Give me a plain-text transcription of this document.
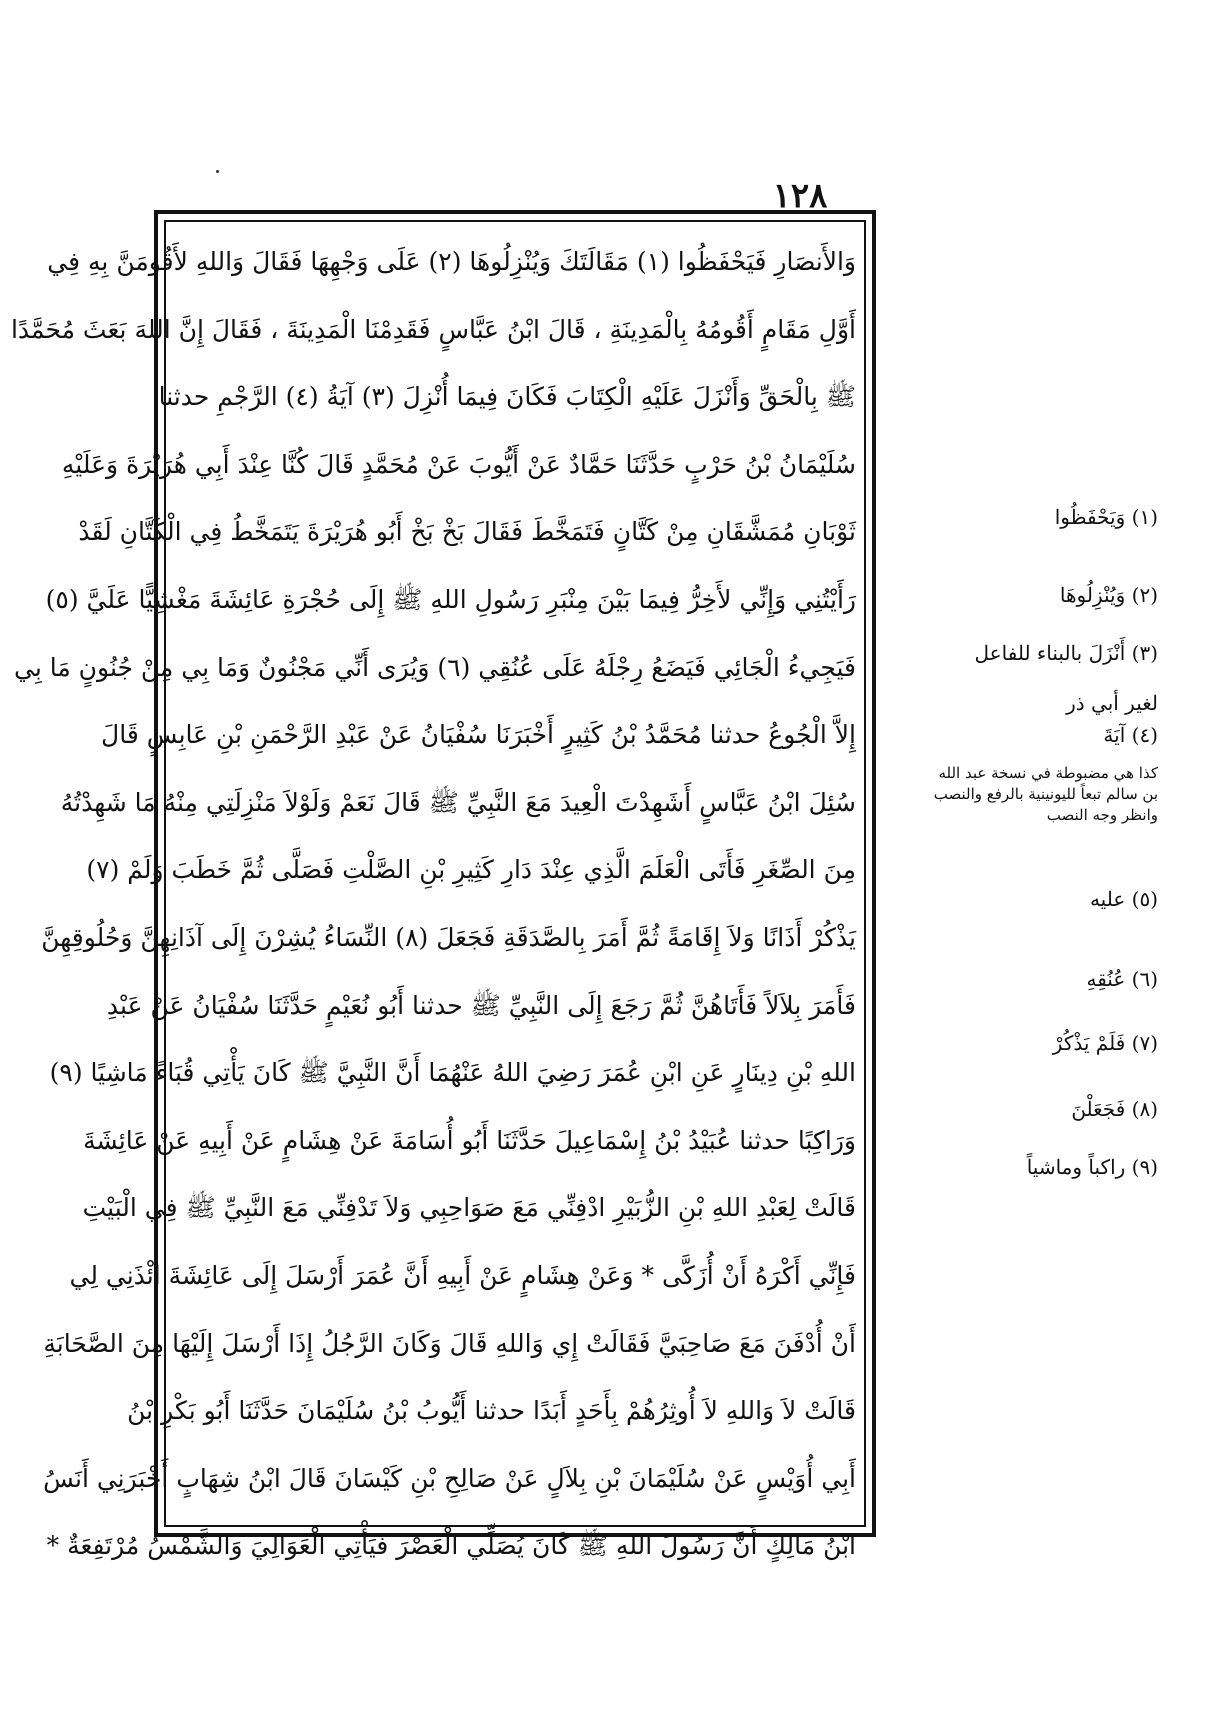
١٢٨
وَالأَنصَارِ فَيَحْفَظُوا (١) مَقَالَتَكَ وَيُنْزِلُوهَا (٢) عَلَى وَجْهِهَا فَقَالَ وَاللهِ لأَقُومَنَّ بِهِ فِي
أَوَّلِ مَقَامٍ أَقُومُهُ بِالْمَدِينَةِ ، قَالَ ابْنُ عَبَّاسٍ فَقَدِمْنَا الْمَدِينَةَ ، فَقَالَ إِنَّ اللهَ بَعَثَ مُحَمَّدًا
ﷺ بِالْحَقِّ وَأَنْزَلَ عَلَيْهِ الْكِتَابَ فَكَانَ فِيمَا أُنْزِلَ (٣) آيَةُ (٤) الرَّجْمِ حدثنا
سُلَيْمَانُ بْنُ حَرْبٍ حَدَّثَنَا حَمَّادٌ عَنْ أَيُّوبَ عَنْ مُحَمَّدٍ قَالَ كُنَّا عِنْدَ أَبِي هُرَيْرَةَ وَعَلَيْهِ
ثَوْبَانِ مُمَشَّقَانِ مِنْ كَتَّانٍ فَتَمَخَّطَ فَقَالَ بَخْ بَخْ أَبُو هُرَيْرَةَ يَتَمَخَّطُ فِي الْكَتَّانِ لَقَدْ
رَأَيْتُنِي وَإِنِّي لأَخِرُّ فِيمَا بَيْنَ مِنْبَرِ رَسُولِ اللهِ ﷺ إِلَى حُجْرَةِ عَائِشَةَ مَغْشِيًّا عَلَيَّ (٥)
فَيَجِيءُ الْجَائِي فَيَضَعُ رِجْلَهُ عَلَى عُنُقِي (٦) وَيُرَى أَنِّي مَجْنُونٌ وَمَا بِي مِنْ جُنُونٍ مَا بِي
إِلاَّ الْجُوعُ حدثنا مُحَمَّدُ بْنُ كَثِيرٍ أَخْبَرَنَا سُفْيَانُ عَنْ عَبْدِ الرَّحْمَنِ بْنِ عَابِسٍ قَالَ
سُئِلَ ابْنُ عَبَّاسٍ أَشَهِدْتَ الْعِيدَ مَعَ النَّبِيِّ ﷺ قَالَ نَعَمْ وَلَوْلاَ مَنْزِلَتِي مِنْهُ مَا شَهِدْتُهُ
مِنَ الصِّغَرِ فَأَتَى الْعَلَمَ الَّذِي عِنْدَ دَارِ كَثِيرِ بْنِ الصَّلْتِ فَصَلَّى ثُمَّ خَطَبَ وَلَمْ (٧)
يَذْكُرْ أَذَانًا وَلاَ إِقَامَةً ثُمَّ أَمَرَ بِالصَّدَقَةِ فَجَعَلَ (٨) النِّسَاءُ يُشِرْنَ إِلَى آذَانِهِنَّ وَحُلُوقِهِنَّ
فَأَمَرَ بِلاَلاً فَأَتَاهُنَّ ثُمَّ رَجَعَ إِلَى النَّبِيِّ ﷺ حدثنا أَبُو نُعَيْمٍ حَدَّثَنَا سُفْيَانُ عَنْ عَبْدِ
اللهِ بْنِ دِينَارٍ عَنِ ابْنِ عُمَرَ رَضِيَ اللهُ عَنْهُمَا أَنَّ النَّبِيَّ ﷺ كَانَ يَأْتِي قُبَاءً مَاشِيًا (٩)
وَرَاكِبًا حدثنا عُبَيْدُ بْنُ إِسْمَاعِيلَ حَدَّثَنَا أَبُو أُسَامَةَ عَنْ هِشَامٍ عَنْ أَبِيهِ عَنْ عَائِشَةَ
قَالَتْ لِعَبْدِ اللهِ بْنِ الزُّبَيْرِ ادْفِنِّي مَعَ صَوَاحِبِي وَلاَ تَدْفِنِّي مَعَ النَّبِيِّ ﷺ فِي الْبَيْتِ
فَإِنِّي أَكْرَهُ أَنْ أُزَكَّى * وَعَنْ هِشَامٍ عَنْ أَبِيهِ أَنَّ عُمَرَ أَرْسَلَ إِلَى عَائِشَةَ ائْذَنِي لِي
أَنْ أُدْفَنَ مَعَ صَاحِبَيَّ فَقَالَتْ إِي وَاللهِ قَالَ وَكَانَ الرَّجُلُ إِذَا أَرْسَلَ إِلَيْهَا مِنَ الصَّحَابَةِ
قَالَتْ لاَ وَاللهِ لاَ أُوثِرُهُمْ بِأَحَدٍ أَبَدًا حدثنا أَيُّوبُ بْنُ سُلَيْمَانَ حَدَّثَنَا أَبُو بَكْرِ بْنُ
أَبِي أُوَيْسٍ عَنْ سُلَيْمَانَ بْنِ بِلاَلٍ عَنْ صَالِحِ بْنِ كَيْسَانَ قَالَ ابْنُ شِهَابٍ أَخْبَرَنِي أَنَسُ
ابْنُ مَالِكٍ أَنَّ رَسُولَ اللهِ ﷺ كَانَ يُصَلِّي الْعَصْرَ فَيَأْتِي الْعَوَالِيَ وَالشَّمْسُ مُرْتَفِعَةٌ *
(١) وَيَحْفَظُوا
(٢) وَيُنْزِلُوهَا
(٣) أَنْزَلَ بالبناء للفاعل
لغير أبي ذر
(٤) آيَةَ
كذا هي مضبوطة في نسخة عبد الله بن سالم تبعاً لليونينية بالرفع والنصب وانظر وجه النصب
(٥) عليه
(٦) عُنُقِهِ
(٧) فَلَمْ يَذْكُرْ
(٨) فَجَعَلْنَ
(٩) راكباً وماشياً
